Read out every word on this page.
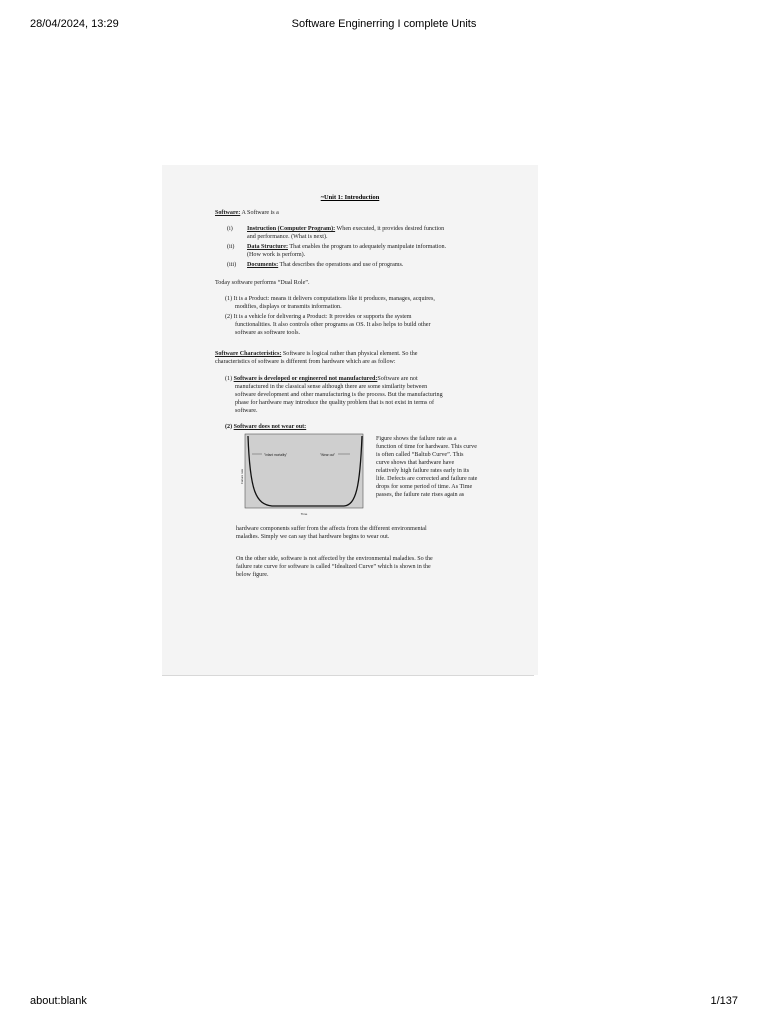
28/04/2024, 13:29	Software Enginerring I complete Units
~Unit 1: Introduction
Software: A Software is a
(i) Instruction (Computer Program): When executed, it provides desired function
and performance. (What is next).
(ii) Data Structure: That enables the program to adequately manipulate information.
(How work is perform).
(iii) Documents: That describes the operations and use of programs.
Today software performs “Dual Role”.

(1) It is a Product: means it delivers computations like it produces, manages, acquires,

modifies, displays or transmits information.

(2) It is a vehicle for delivering a Product: It provides or supports the system

functionalities. It also controls other programs as OS. It also helps to build other

software as software tools.

Software Characteristics: Software is logical rather than physical element. So the
characteristics of software is different from hardware which are as follow:

(1) Software is developed or engineered not manufactured:Software are not

manufactured in the classical sense although there are some similarity between

software development and other manufacturing is the process. But the manufacturing

phase for hardware may introduce the quality problem that is not exist in terms of

software.

(2) Software does not wear out:
"Infant mortality"	"Wear out"
Failure rate
Time

Figure shows the failure rate as a

function of time for hardware. This curve

is often called “Baltub Curve”. This

curve shows that hardware have

relatively high failure rates early in its

life. Defects are corrected and failure rate

drops for some period of time. As Time

passes, the failure rate rises again as

hardware components suffer from the affects from the different environmental

maladies. Simply we can say that hardware begins to wear out.

On the other side, software is not affected by the environmental maladies. So the

failure rate curve for software is called “Idealized Curve” which is shown in the

below figure.

about:blank	1/137
